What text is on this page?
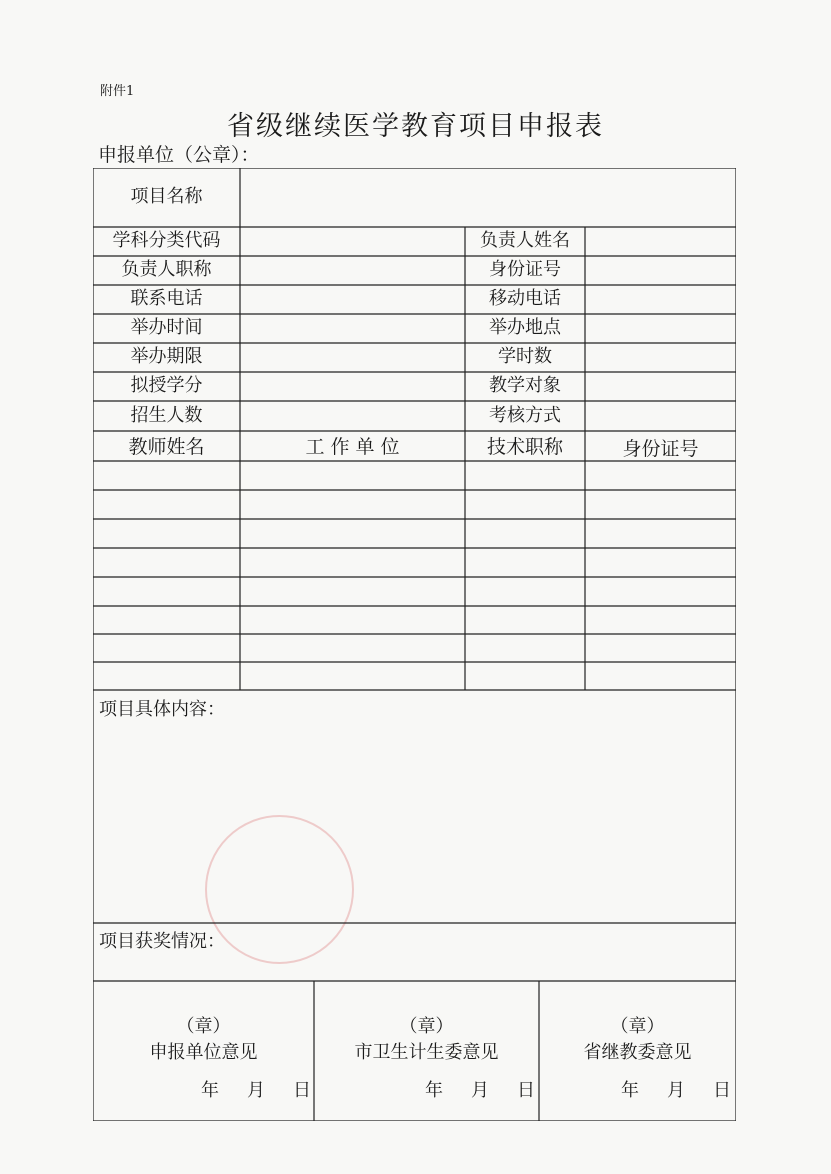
附件1
省级继续医学教育项目申报表
申报单位（公章）：
项目名称
学科分类代码	负责人姓名
负责人职称	身份证号
联系电话	移动电话
举办时间	举办地点
举办期限	学时数
拟授学分	教学对象
招生人数	考核方式
教师姓名	工 作 单 位	技术职称	身份证号
项目具体内容：
项目获奖情况：
（章）
申报单位意见
年 月 日
（章）
市卫生计生委意见
年 月 日
（章）
省继教委意见
年 月 日
